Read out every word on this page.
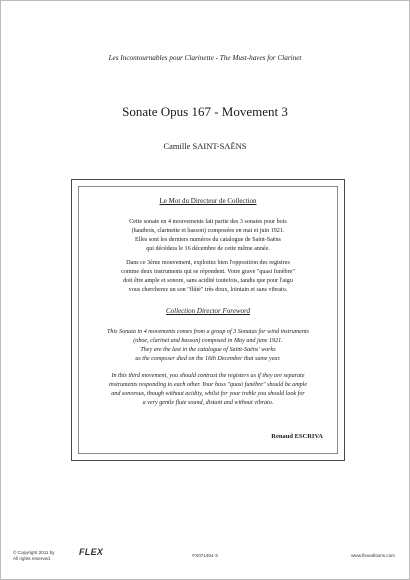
Les Incontournables pour Clarinette - The Must-haves for Clarinet
Sonate Opus 167 - Movement 3
Camille SAINT-SAËNS
Le Mot du Directeur de Collection
Cette sonate en 4 mouvements fait partie des 3 sonates pour bois
(hautbois, clarinette et basson) composées en mai et juin 1921.
Elles sont les derniers numéros du catalogue de Saint-Saëns
qui décédera le 16 décembre de cette même année.
Dans ce 3ème mouvement, exploitez bien l'opposition des registres
comme deux instruments qui se répondent. Votre grave "quasi funèbre"
doit être ample et sonore, sans acidité toutefois, tandis que pour l'aigu
vous chercherez un son "flûté" très doux, lointain et sans vibrato.
Collection Director Foreword
This Sonata in 4 movements comes from a group of 3 Sonatas for wind instruments
(oboe, clarinet and basson) composed in May and june 1921.
They are the last in the catalogue of Saint-Saëns' works
as the composer died on the 16th December that same year.
In this third movement, you should contrast the registers as if they are separate
instruments responding to each other. Your bass "quasi funèbre" should be ample
and sonorous, though without acidity, whilst for your treble you should look for
a very gentle flute sound, distant and without vibrato.
Renaud ESCRIVA
© Copyright 2011 by
All rights reserved.
FLEX	FX071454-3	www.flexeditions.com
